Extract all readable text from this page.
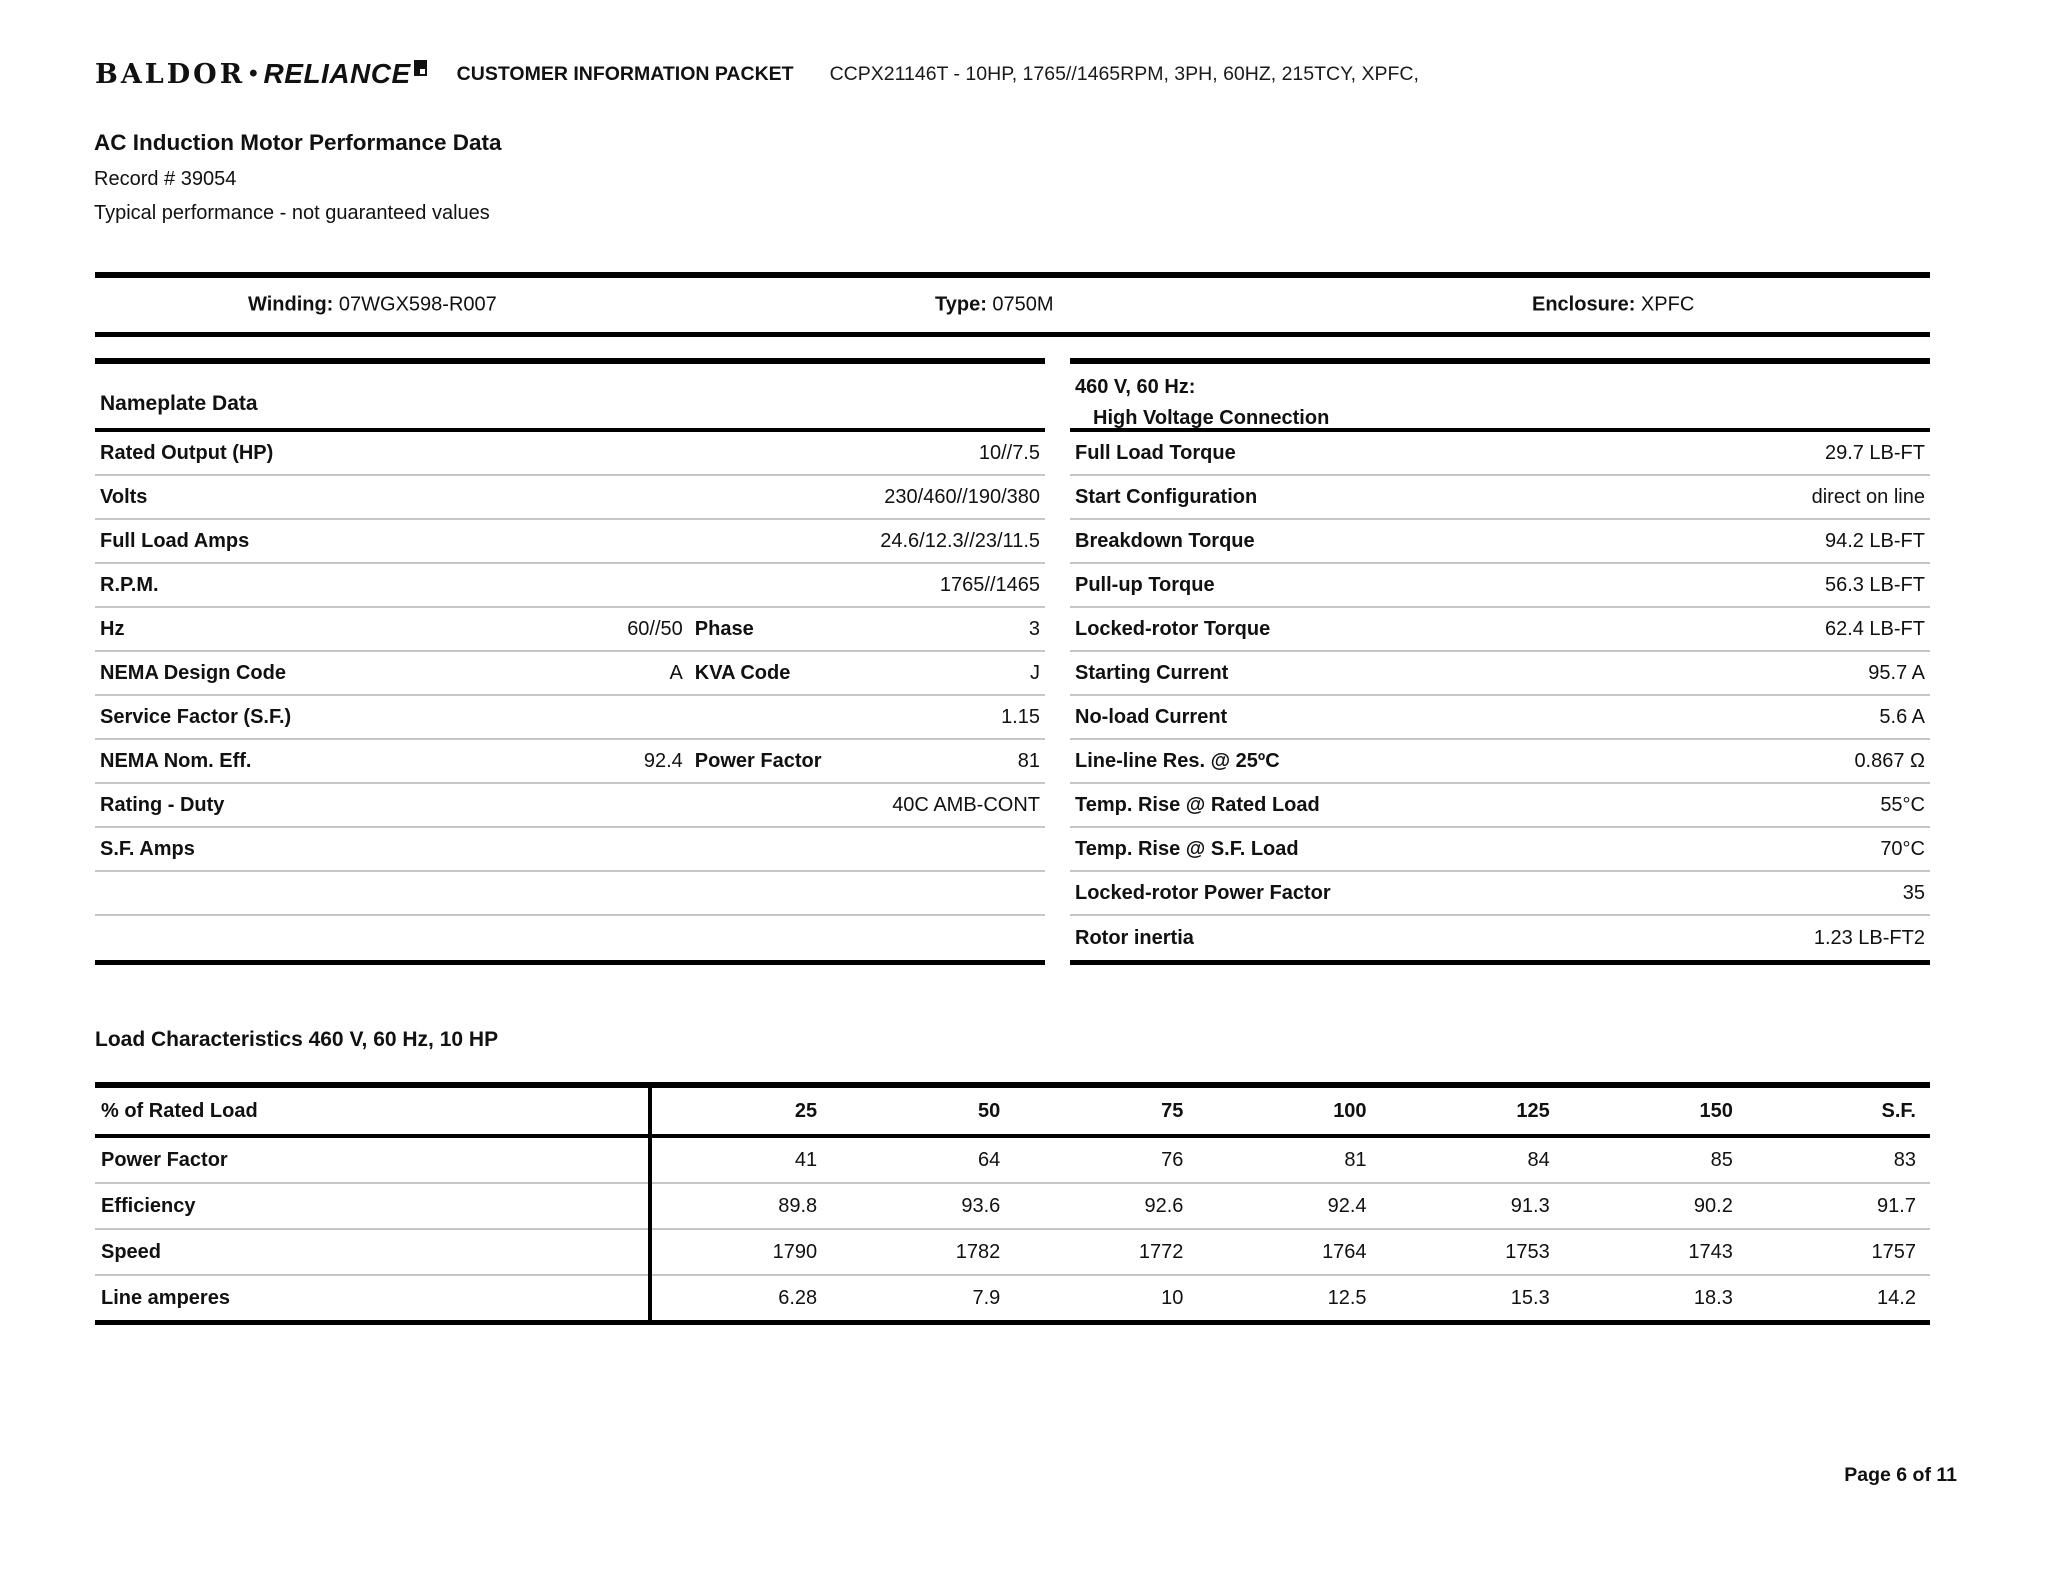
BALDOR • RELIANCE CUSTOMER INFORMATION PACKET CCPX21146T - 10HP, 1765//1465RPM, 3PH, 60HZ, 215TCY, XPFC,
AC Induction Motor Performance Data
Record # 39054
Typical performance - not guaranteed values
Winding: 07WGX598-R007	Type: 0750M	Enclosure: XPFC
Nameplate Data
Rated Output (HP)	10//7.5
Volts	230/460//190/380
Full Load Amps	24.6/12.3//23/11.5
R.P.M.	1765//1465
Hz	60//50 Phase	3
NEMA Design Code	A KVA Code	J
Service Factor (S.F.)	1.15
NEMA Nom. Eff.	92.4 Power Factor	81
Rating - Duty	40C AMB-CONT
S.F. Amps
460 V, 60 Hz:
High Voltage Connection
Full Load Torque	29.7 LB-FT
Start Configuration	direct on line
Breakdown Torque	94.2 LB-FT
Pull-up Torque	56.3 LB-FT
Locked-rotor Torque	62.4 LB-FT
Starting Current	95.7 A
No-load Current	5.6 A
Line-line Res. @ 25ºC	0.867 Ω
Temp. Rise @ Rated Load	55°C
Temp. Rise @ S.F. Load	70°C
Locked-rotor Power Factor	35
Rotor inertia	1.23 LB-FT2
Load Characteristics 460 V, 60 Hz, 10 HP
% of Rated Load	25	50	75	100	125	150	S.F.
Power Factor	41	64	76	81	84	85	83
Efficiency	89.8	93.6	92.6	92.4	91.3	90.2	91.7
Speed	1790	1782	1772	1764	1753	1743	1757
Line amperes	6.28	7.9	10	12.5	15.3	18.3	14.2
Page 6 of 11
